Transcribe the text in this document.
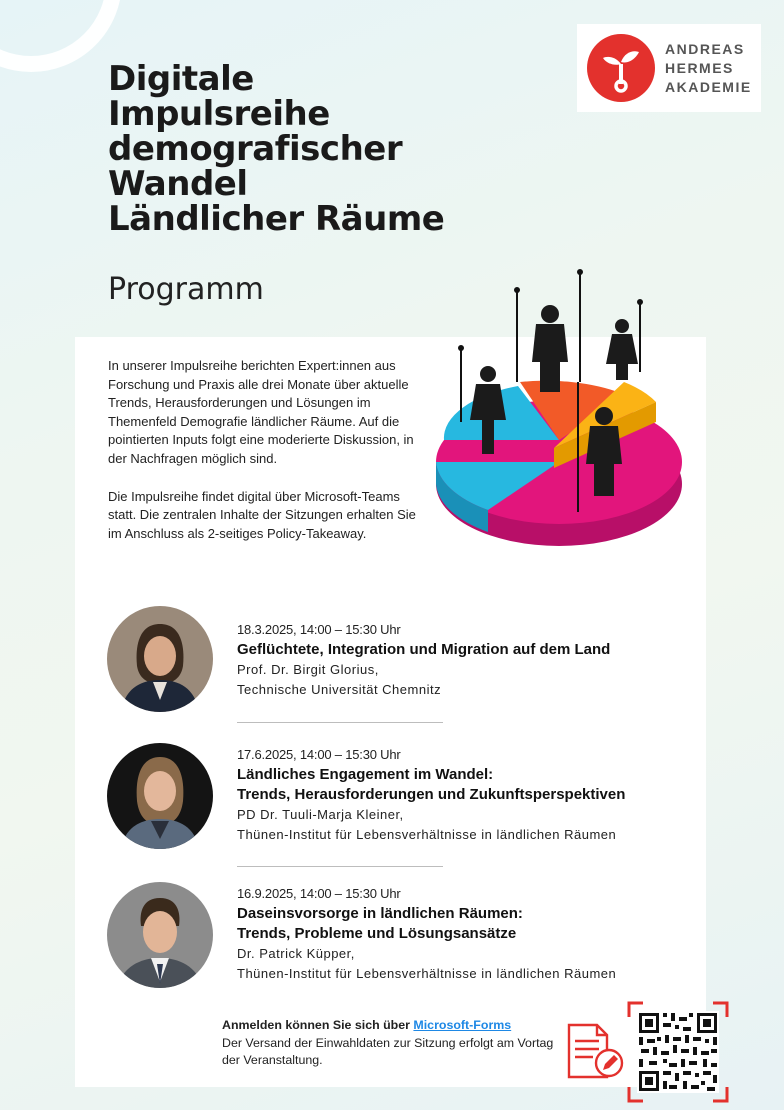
ANDREAS
HERMES
AKADEMIE
Digitale
Impulsreihe
demografischer
Wandel
Ländlicher Räume
Programm

In unserer Impulsreihe berichten Expert:innen aus Forschung und Praxis alle drei Monate über aktuelle Trends, Herausforderungen und Lösungen im Themenfeld Demografie ländlicher Räume. Auf die pointierten Inputs folgt eine moderierte Diskussion, in der Nachfragen möglich sind.

Die Impulsreihe findet digital über Microsoft-Teams statt. Die zentralen Inhalte der Sitzungen erhalten Sie im Anschluss als 2-seitiges Policy-Takeaway.

18.3.2025, 14:00 – 15:30 Uhr
Geflüchtete, Integration und Migration auf dem Land
Prof. Dr. Birgit Glorius,
Technische Universität Chemnitz
17.6.2025, 14:00 – 15:30 Uhr
Ländliches Engagement im Wandel:
Trends, Herausforderungen und Zukunftsperspektiven
PD Dr. Tuuli-Marja Kleiner,
Thünen-Institut für Lebensverhältnisse in ländlichen Räumen
16.9.2025, 14:00 – 15:30 Uhr
Daseinsvorsorge in ländlichen Räumen:
Trends, Probleme und Lösungsansätze
Dr. Patrick Küpper,
Thünen-Institut für Lebensverhältnisse in ländlichen Räumen
Anmelden können Sie sich über Microsoft-Forms
Der Versand der Einwahldaten zur Sitzung erfolgt am Vortag der Veranstaltung.
